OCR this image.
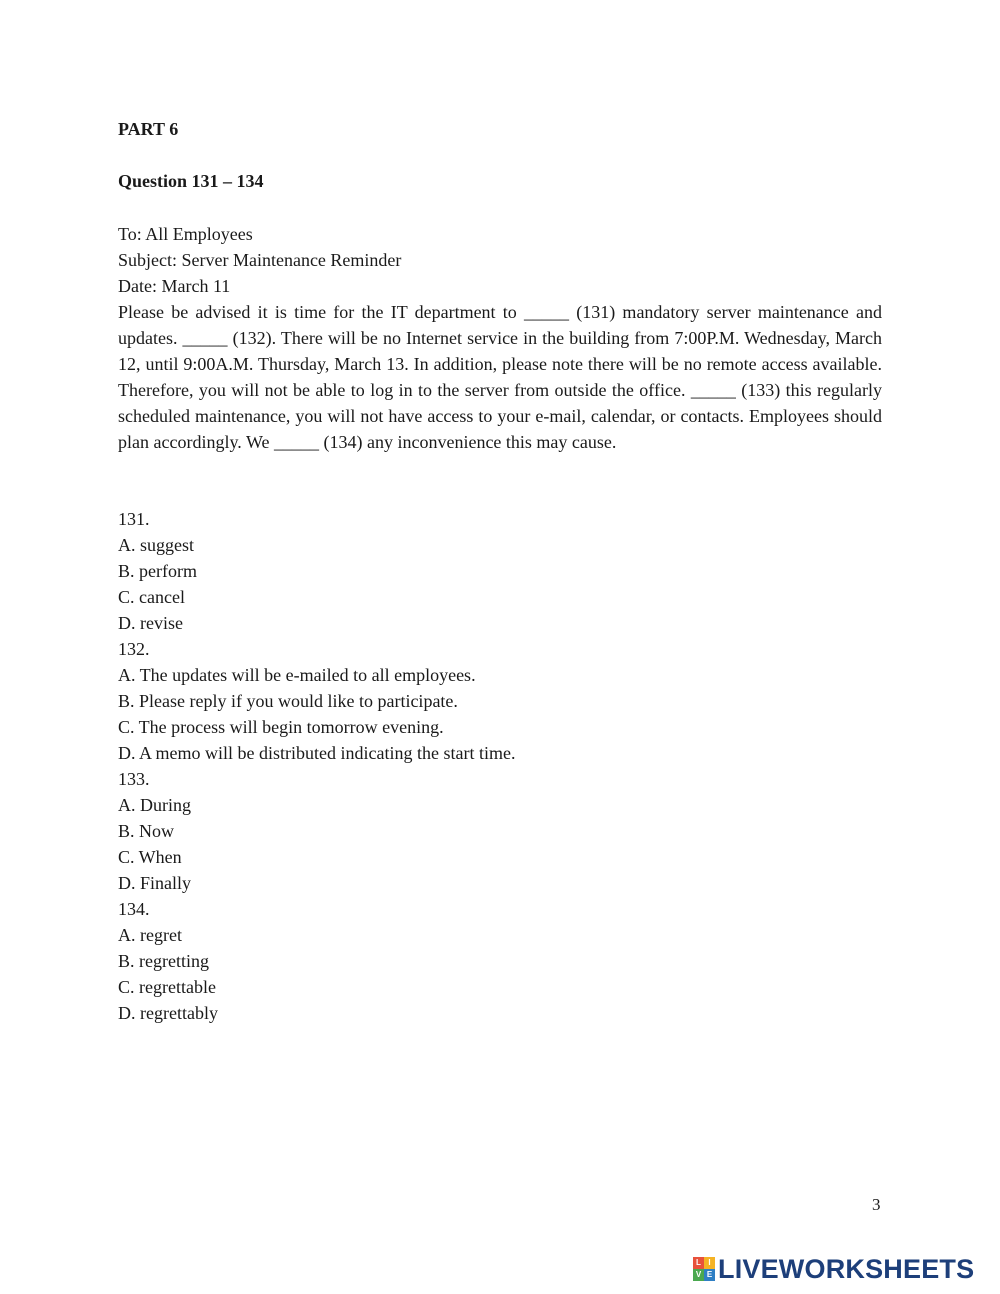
PART 6
Question 131 – 134
To: All Employees
Subject: Server Maintenance Reminder
Date: March 11

Please be advised it is time for the IT department to _____ (131) mandatory server maintenance and updates. _____ (132). There will be no Internet service in the building from 7:00P.M. Wednesday, March 12, until 9:00A.M. Thursday, March 13. In addition, please note there will be no remote access available. Therefore, you will not be able to log in to the server from outside the office. _____ (133) this regularly scheduled maintenance, you will not have access to your e-mail, calendar, or contacts. Employees should plan accordingly. We _____ (134) any inconvenience this may cause.

131.
A. suggest
B. perform
C. cancel
D. revise
132.
A. The updates will be e-mailed to all employees.
B. Please reply if you would like to participate.
C. The process will begin tomorrow evening.
D. A memo will be distributed indicating the start time.
133.
A. During
B. Now
C. When
D. Finally
134.
A. regret
B. regretting
C. regrettable
D. regrettably
3
L I
V E LIVEWORKSHEETS
